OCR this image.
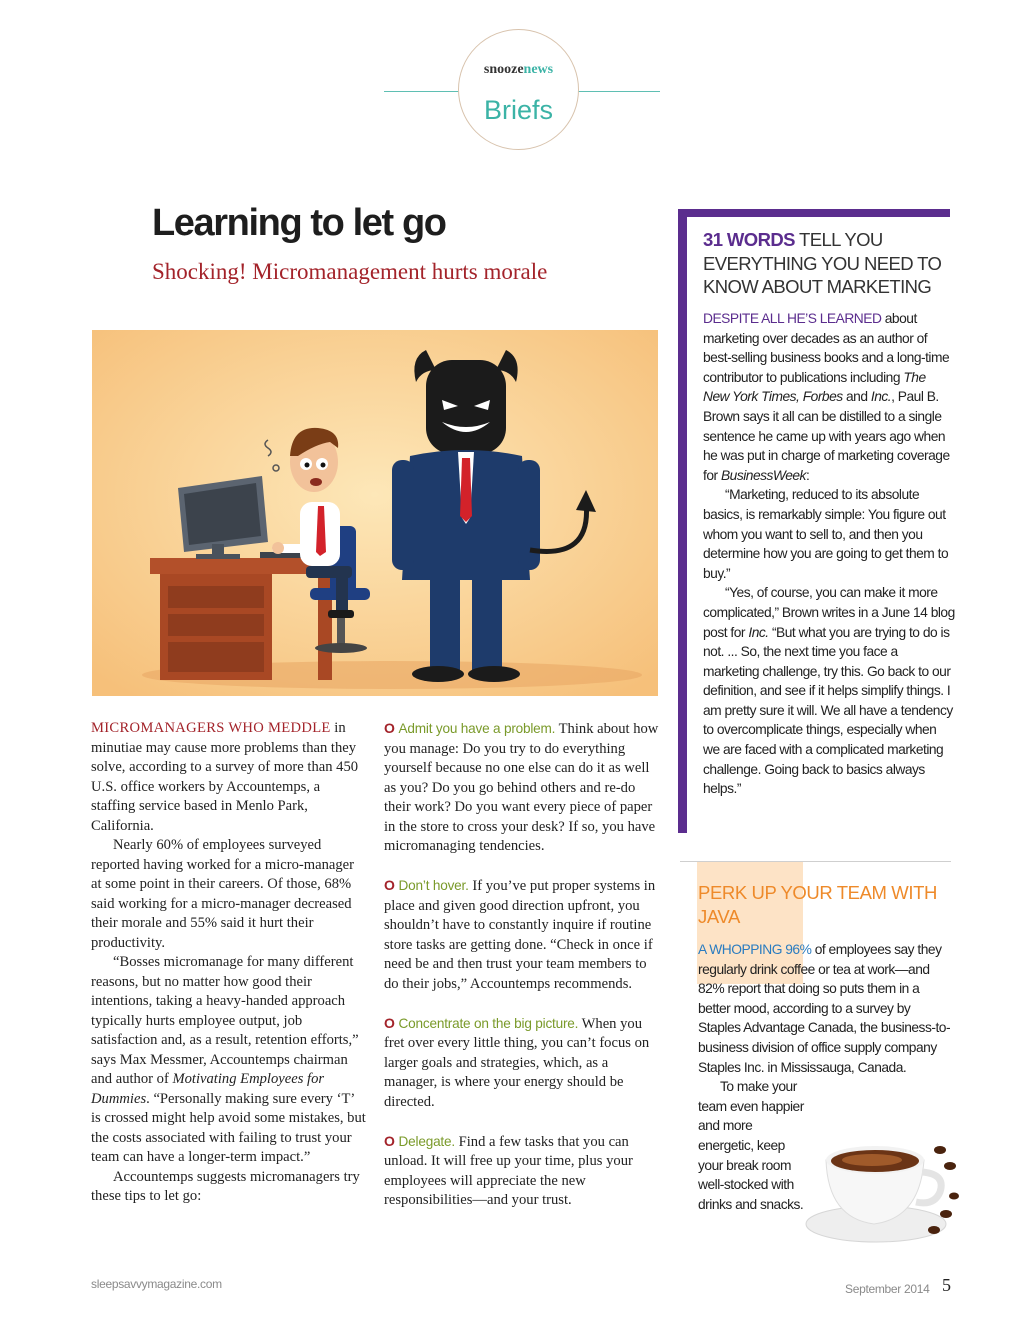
snoozenews
Briefs
Learning to let go
Shocking! Micromanagement hurts morale

MICROMANAGERS WHO MEDDLE in minutiae may cause more problems than they solve, according to a survey of more than 450 U.S. office workers by Accountemps, a staffing service based in Menlo Park, California.

Nearly 60% of employees surveyed reported having worked for a micro-manager at some point in their careers. Of those, 68% said working for a micro-manager decreased their morale and 55% said it hurt their productivity.

“Bosses micromanage for many different reasons, but no matter how good their intentions, taking a heavy-handed approach typically hurts employee output, job satisfaction and, as a result, retention efforts,” says Max Messmer, Accountemps chairman and author of Motivating Employees for Dummies. “Personally making sure every ‘T’ is crossed might help avoid some mistakes, but the costs associated with failing to trust your team can have a longer-term impact.”

Accountemps suggests micromanagers try these tips to let go:

O Admit you have a problem. Think about how you manage: Do you try to do everything yourself because no one else can do it as well as you? Do you go behind others and re-do their work? Do you want every piece of paper in the store to cross your desk? If so, you have micromanaging tendencies.

O Don’t hover. If you’ve put proper systems in place and given good direction upfront, you shouldn’t have to constantly inquire if routine store tasks are getting done. “Check in once if need be and then trust your team members to do their jobs,” Accountemps recommends.

O Concentrate on the big picture. When you fret over every little thing, you can’t focus on larger goals and strategies, which, as a manager, is where your energy should be directed.

O Delegate. Find a few tasks that you can unload. It will free up your time, plus your employees will appreciate the new responsibilities—and your trust.

31 WORDS TELL YOU EVERYTHING YOU NEED TO KNOW ABOUT MARKETING

DESPITE ALL HE’S LEARNED about marketing over decades as an author of best-selling business books and a long-time contributor to publications including The New York Times, Forbes and Inc., Paul B. Brown says it all can be distilled to a single sentence he came up with years ago when he was put in charge of marketing coverage for BusinessWeek:

“Marketing, reduced to its absolute basics, is remarkably simple: You figure out whom you want to sell to, and then you determine how you are going to get them to buy.”

“Yes, of course, you can make it more complicated,” Brown writes in a June 14 blog post for Inc. “But what you are trying to do is not. ... So, the next time you face a marketing challenge, try this. Go back to our definition, and see if it helps simplify things. I am pretty sure it will. We all have a tendency to overcomplicate things, especially when we are faced with a complicated marketing challenge. Going back to basics always helps.”

PERK UP YOUR TEAM WITH JAVA

A WHOPPING 96% of employees say they regularly drink coffee or tea at work—and 82% report that doing so puts them in a better mood, according to a survey by Staples Advantage Canada, the business-to-business division of office supply company Staples Inc. in Mississauga, Canada.

To make your team even happier and more energetic, keep your break room well-stocked with drinks and snacks.

sleepsavvymagazine.com	September 2014 5
